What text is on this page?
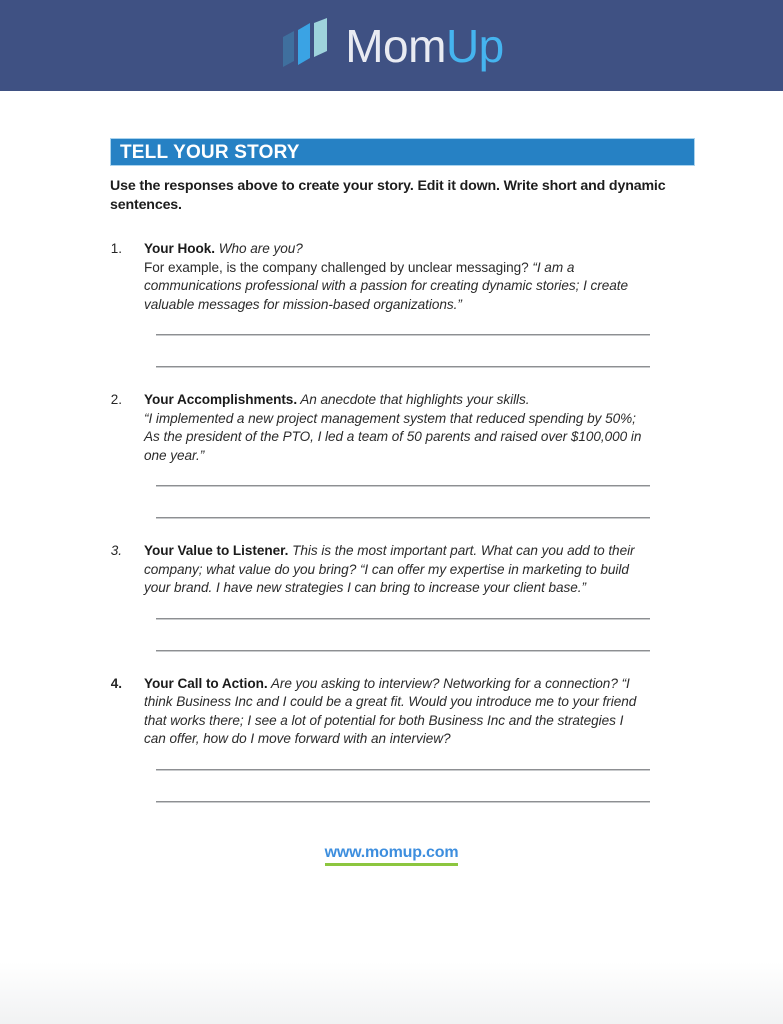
MomUp
TELL YOUR STORY
Use the responses above to create your story. Edit it down. Write short and dynamic sentences.
1.	Your Hook. Who are you?
For example, is the company challenged by unclear messaging? “I am a communications professional with a passion for creating dynamic stories; I create valuable messages for mission-based organizations.”
2.	Your Accomplishments. An anecdote that highlights your skills.
“I implemented a new project management system that reduced spending by 50%; As the president of the PTO, I led a team of 50 parents and raised over $100,000 in one year.”
3.	Your Value to Listener. This is the most important part. What can you add to their company; what value do you bring? “I can offer my expertise in marketing to build your brand. I have new strategies I can bring to increase your client base.”
4.	Your Call to Action. Are you asking to interview? Networking for a connection? “I think Business Inc and I could be a great fit. Would you introduce me to your friend that works there; I see a lot of potential for both Business Inc and the strategies I can offer, how do I move forward with an interview?
www.momup.com
